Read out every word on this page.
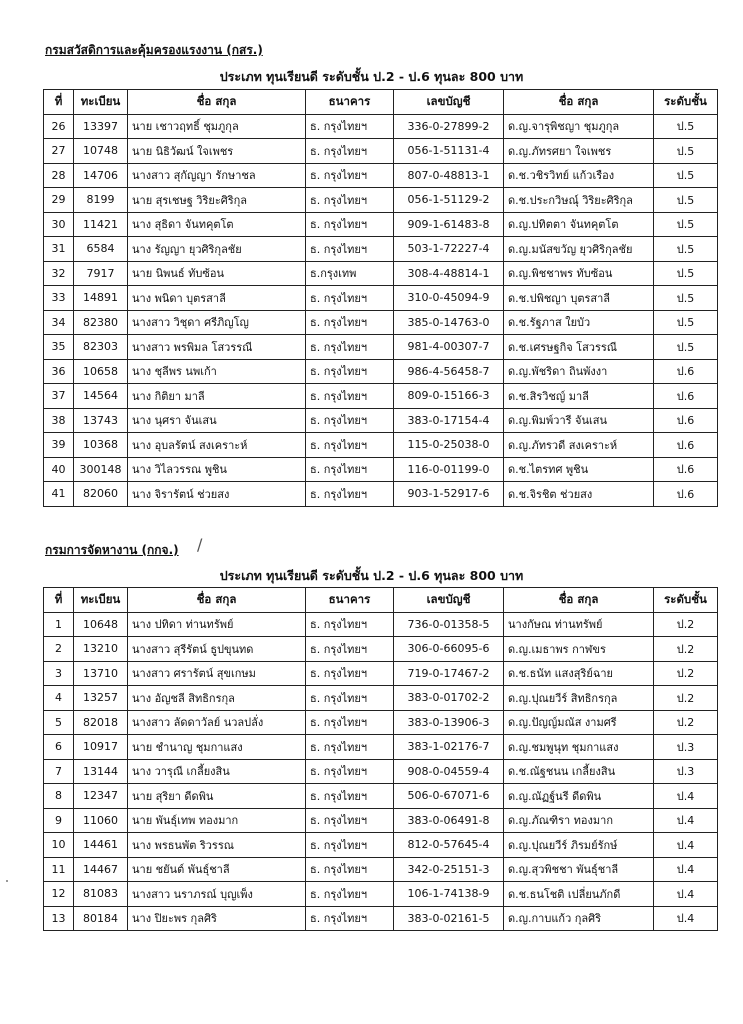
กรมสวัสดิการและคุ้มครองแรงงาน (กสร.)
ประเภท ทุนเรียนดี ระดับชั้น ป.2 - ป.6 ทุนละ 800 บาท
ที่	ทะเบียน	ชื่อ สกุล	ธนาคาร	เลขบัญชี	ชื่อ สกุล	ระดับชั้น
26	13397	นาย เชาวฤทธิ์ ชุมภูกุล	ธ. กรุงไทยฯ	336-0-27899-2	ด.ญ.จารุพิชญา ชุมภูกุล	ป.5
27	10748	นาย นิธิวัฒน์ ใจเพชร	ธ. กรุงไทยฯ	056-1-51131-4	ด.ญ.ภัทรศยา ใจเพชร	ป.5
28	14706	นางสาว สุกัญญา รักษาชล	ธ. กรุงไทยฯ	807-0-48813-1	ด.ช.วชิรวิทย์ แก้วเรือง	ป.5
29	8199	นาย สุรเชษฐ วิริยะศิริกุล	ธ. กรุงไทยฯ	056-1-51129-2	ด.ช.ประกวิษณุ์ วิริยะศิริกุล	ป.5
30	11421	นาง สุธิดา จันทคุตโต	ธ. กรุงไทยฯ	909-1-61483-8	ด.ญ.ปทิตตา จันทคุตโต	ป.5
31	6584	นาง รัญญา ยุวศิริกุลชัย	ธ. กรุงไทยฯ	503-1-72227-4	ด.ญ.มนัสขวัญ ยุวศิริกุลชัย	ป.5
32	7917	นาย นิพนธ์ ทับซ้อน	ธ.กรุงเทพ	308-4-48814-1	ด.ญ.พิชชาพร ทับซ้อน	ป.5
33	14891	นาง พนิดา บุตรสาลี	ธ. กรุงไทยฯ	310-0-45094-9	ด.ช.ปพิชญา บุตรสาลี	ป.5
34	82380	นางสาว วิชุดา ศรีภิญโญ	ธ. กรุงไทยฯ	385-0-14763-0	ด.ช.รัฐภาส ใยบัว	ป.5
35	82303	นางสาว พรพิมล โสวรรณี	ธ. กรุงไทยฯ	981-4-00307-7	ด.ช.เศรษฐกิจ โสวรรณี	ป.5
36	10658	นาง ชุลีพร นพเก้า	ธ. กรุงไทยฯ	986-4-56458-7	ด.ญ.พัชริดา ถินพังงา	ป.6
37	14564	นาง กิติยา มาลี	ธ. กรุงไทยฯ	809-0-15166-3	ด.ช.สิรวิชญ์ มาลี	ป.6
38	13743	นาง นุศรา จันเสน	ธ. กรุงไทยฯ	383-0-17154-4	ด.ญ.พิมพ์วารี จันเสน	ป.6
39	10368	นาง อุบลรัตน์ สงเคราะห์	ธ. กรุงไทยฯ	115-0-25038-0	ด.ญ.ภัทรวดี สงเคราะห์	ป.6
40	300148	นาง วิไลวรรณ พูชิน	ธ. กรุงไทยฯ	116-0-01199-0	ด.ช.ไตรทศ พูชิน	ป.6
41	82060	นาง จิรารัตน์ ช่วยสง	ธ. กรุงไทยฯ	903-1-52917-6	ด.ช.จิรชิต ช่วยสง	ป.6
กรมการจัดหางาน (กกจ.) /
ประเภท ทุนเรียนดี ระดับชั้น ป.2 - ป.6 ทุนละ 800 บาท
ที่	ทะเบียน	ชื่อ สกุล	ธนาคาร	เลขบัญชี	ชื่อ สกุล	ระดับชั้น
1	10648	นาง ปทิดา ท่านทรัพย์	ธ. กรุงไทยฯ	736-0-01358-5	นางกัษณ ท่านทรัพย์	ป.2
2	13210	นางสาว สุรีรัตน์ ธูปขุนทด	ธ. กรุงไทยฯ	306-0-66095-6	ด.ญ.เมธาพร กาฬขร	ป.2
3	13710	นางสาว ศรารัตน์ สุขเกษม	ธ. กรุงไทยฯ	719-0-17467-2	ด.ช.ธนัท แสงสุริย์ฉาย	ป.2
4	13257	นาง อัญชลี สิทธิกรกุล	ธ. กรุงไทยฯ	383-0-01702-2	ด.ญ.ปุณยวีร์ สิทธิกรกุล	ป.2
5	82018	นางสาว ลัดดาวัลย์ นวลปลั่ง	ธ. กรุงไทยฯ	383-0-13906-3	ด.ญ.ปัญญ์มณัส งามศรี	ป.2
6	10917	นาย ชำนาญ ชุมกาแสง	ธ. กรุงไทยฯ	383-1-02176-7	ด.ญ.ชมพูนุท ชุมกาแสง	ป.3
7	13144	นาง วารุณี เกลี้ยงสิน	ธ. กรุงไทยฯ	908-0-04559-4	ด.ช.ณัฐชนน เกลี้ยงสิน	ป.3
8	12347	นาย สุริยา ดีดพิน	ธ. กรุงไทยฯ	506-0-67071-6	ด.ญ.ณัฏฐ์นรี ดีดพิน	ป.4
9	11060	นาย พันธุ์เทพ ทองมาก	ธ. กรุงไทยฯ	383-0-06491-8	ด.ญ.ภัณฑิรา ทองมาก	ป.4
10	14461	นาง พรธนพัต ริวรรณ	ธ. กรุงไทยฯ	812-0-57645-4	ด.ญ.ปุณยวีร์ ภิรมย์รักษ์	ป.4
11	14467	นาย ชยันต์ พันธุ์ชาลี	ธ. กรุงไทยฯ	342-0-25151-3	ด.ญ.สุวพิชชา พันธุ์ชาลี	ป.4
12	81083	นางสาว นราภรณ์ บุญเพ็ง	ธ. กรุงไทยฯ	106-1-74138-9	ด.ช.ธนโชติ เปลี่ยนภักดี	ป.4
13	80184	นาง ปิยะพร กุลศิริ	ธ. กรุงไทยฯ	383-0-02161-5	ด.ญ.กาบแก้ว กุลศิริ	ป.4
